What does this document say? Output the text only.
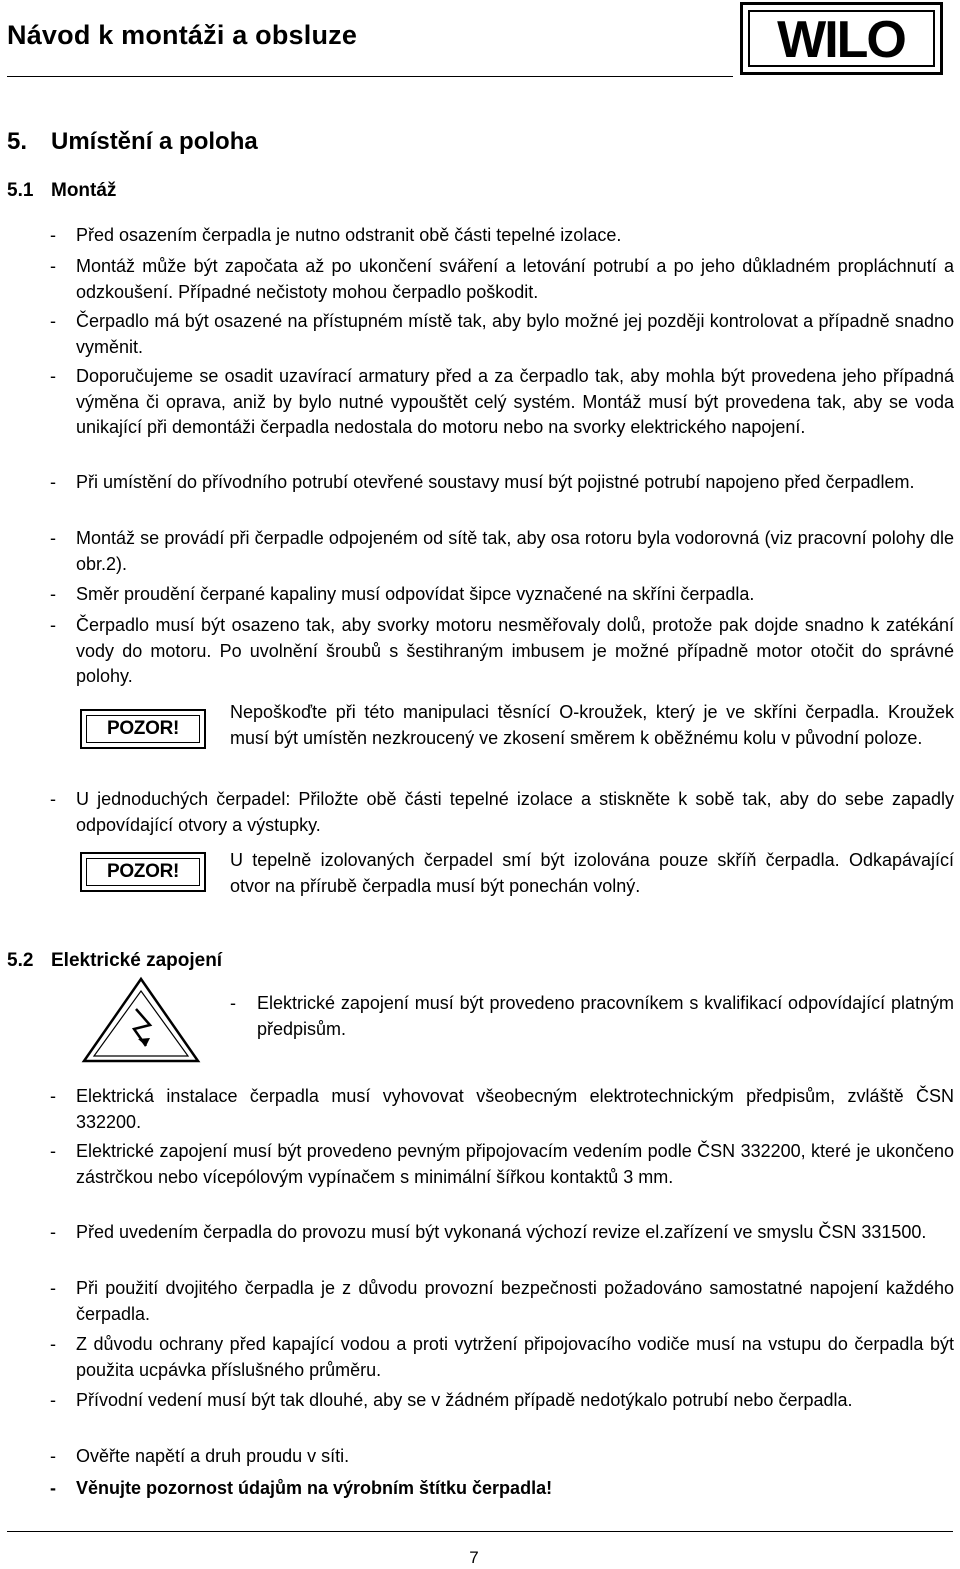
Návod k montáži a obsluze	WILO
5. Umístění a poloha
5.1 Montáž
- Před osazením čerpadla je nutno odstranit obě části tepelné izolace.
- Montáž může být započata až po ukončení sváření a letování potrubí a po jeho důkladném propláchnutí a odzkoušení. Případné nečistoty mohou čerpadlo poškodit.
- Čerpadlo má být osazené na přístupném místě tak, aby bylo možné jej později kontrolovat a případně snadno vyměnit.
- Doporučujeme se osadit uzavírací armatury před a za čerpadlo tak, aby mohla být provedena jeho případná výměna či oprava, aniž by bylo nutné vypouštět celý systém. Montáž musí být provedena tak, aby se voda unikající při demontáži čerpadla nedostala do motoru nebo na svorky elektrického napojení.
- Při umístění do přívodního potrubí otevřené soustavy musí být pojistné potrubí napojeno před čerpadlem.
- Montáž se provádí při čerpadle odpojeném od sítě tak, aby osa rotoru byla vodorovná (viz pracovní polohy dle obr.2).
- Směr proudění čerpané kapaliny musí odpovídat šipce vyznačené na skříni čerpadla.
- Čerpadlo musí být osazeno tak, aby svorky motoru nesměřovaly dolů, protože pak dojde snadno k zatékání vody do motoru. Po uvolnění šroubů s šestihraným imbusem je možné případně motor otočit do správné polohy.
POZOR!
Nepoškoďte při této manipulaci těsnící O-kroužek, který je ve skříni čerpadla. Kroužek musí být umístěn nezkroucený ve zkosení směrem k oběžnému kolu v původní poloze.
- U jednoduchých čerpadel: Přiložte obě části tepelné izolace a stiskněte k sobě tak, aby do sebe zapadly odpovídající otvory a výstupky.
POZOR!
U tepelně izolovaných čerpadel smí být izolována pouze skříň čerpadla. Odkapávající otvor na přírubě čerpadla musí být ponechán volný.
5.2 Elektrické zapojení
- Elektrické zapojení musí být provedeno pracovníkem s kvalifikací odpovídající platným předpisům.
- Elektrická instalace čerpadla musí vyhovovat všeobecným elektrotechnickým předpisům, zvláště ČSN 332200.
- Elektrické zapojení musí být provedeno pevným připojovacím vedením podle ČSN 332200, které je ukončeno zástrčkou nebo vícepólovým vypínačem s minimální šířkou kontaktů 3 mm.
- Před uvedením čerpadla do provozu musí být vykonaná výchozí revize el.zařízení ve smyslu ČSN 331500.
- Při použití dvojitého čerpadla je z důvodu provozní bezpečnosti požadováno samostatné napojení každého čerpadla.
- Z důvodu ochrany před kapající vodou a proti vytržení připojovacího vodiče musí na vstupu do čerpadla být použita ucpávka příslušného průměru.
- Přívodní vedení musí být tak dlouhé, aby se v žádném případě nedotýkalo potrubí nebo čerpadla.
- Ověřte napětí a druh proudu v síti.
- Věnujte pozornost údajům na výrobním štítku čerpadla!
7
